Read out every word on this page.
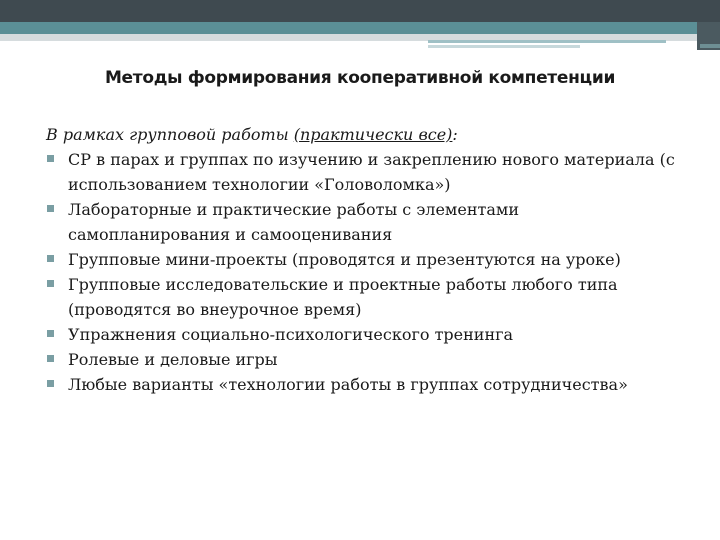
Методы формирования кооперативной компетенции

В рамках групповой работы (практически все):

СР в парах и группах по изучению и закреплению нового материала (с использованием технологии «Головоломка»)
Лабораторные и практические работы с элементами самопланирования и самооценивания
Групповые мини-проекты (проводятся и презентуются на уроке)
Групповые исследовательские и проектные работы любого типа (проводятся во внеурочное время)
Упражнения социально-психологического тренинга
Ролевые и деловые игры
Любые варианты «технологии работы в группах сотрудничества»
